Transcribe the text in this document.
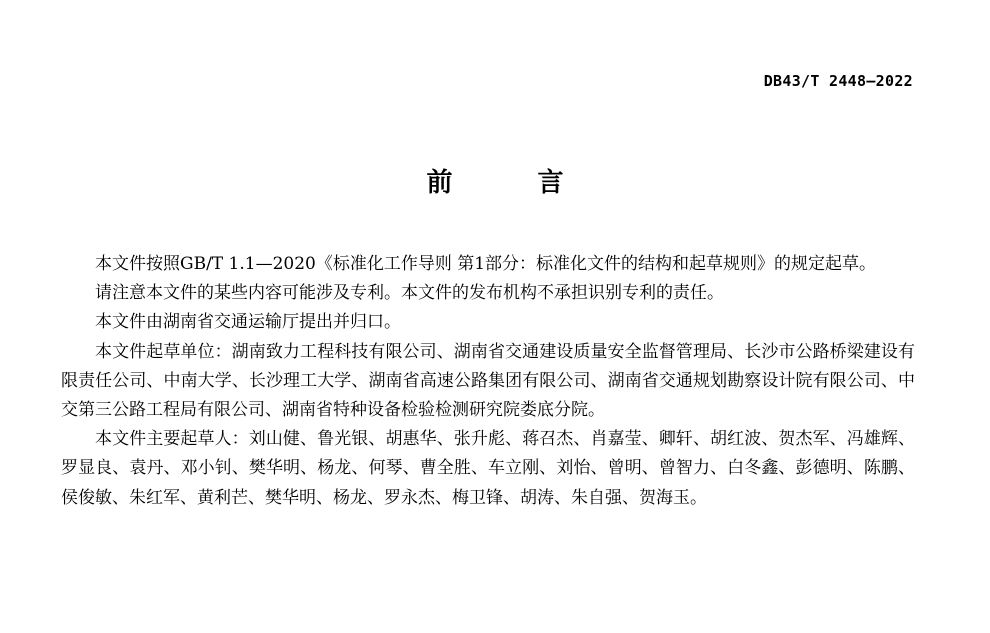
DB43/T 2448—2022
前 言

本文件按照GB/T 1.1—2020《标准化工作导则 第1部分：标准化文件的结构和起草规则》的规定起草。

请注意本文件的某些内容可能涉及专利。本文件的发布机构不承担识别专利的责任。

本文件由湖南省交通运输厅提出并归口。

本文件起草单位：湖南致力工程科技有限公司、湖南省交通建设质量安全监督管理局、长沙市公路桥梁建设有限责任公司、中南大学、长沙理工大学、湖南省高速公路集团有限公司、湖南省交通规划勘察设计院有限公司、中交第三公路工程局有限公司、湖南省特种设备检验检测研究院娄底分院。

本文件主要起草人：刘山健、鲁光银、胡惠华、张升彪、蒋召杰、肖嘉莹、卿轩、胡红波、贺杰军、冯雄辉、罗显良、袁丹、邓小钊、樊华明、杨龙、何琴、曹全胜、车立刚、刘怡、曾明、曾智力、白冬鑫、彭德明、陈鹏、侯俊敏、朱红军、黄利芒、樊华明、杨龙、罗永杰、梅卫锋、胡涛、朱自强、贺海玉。
